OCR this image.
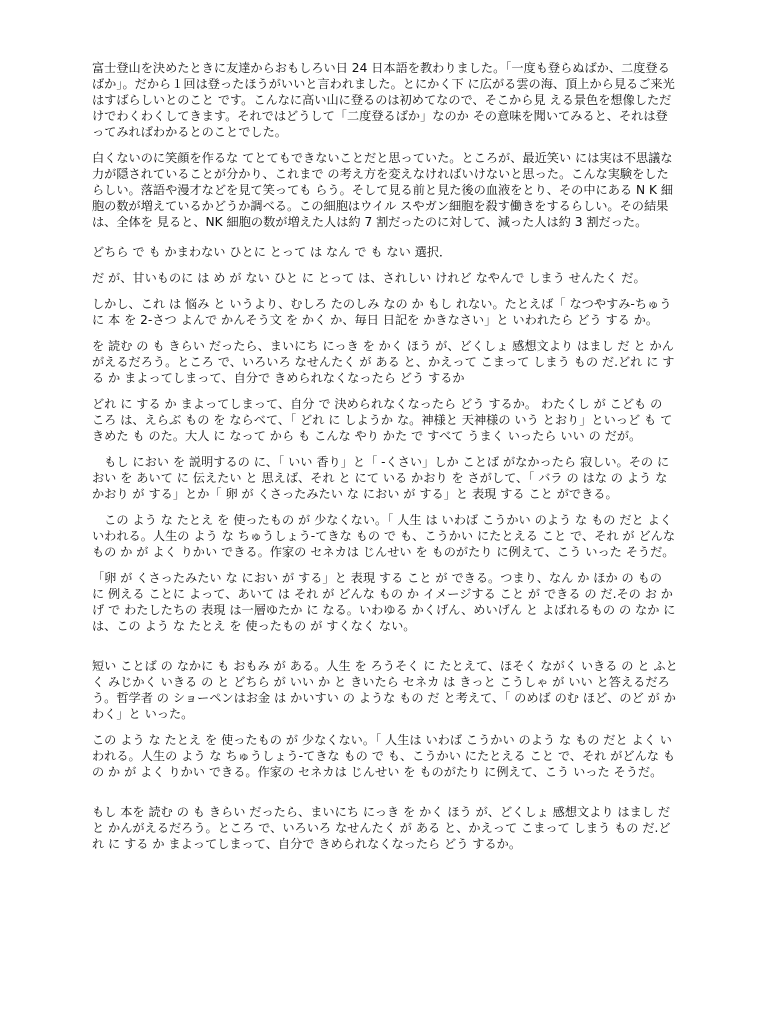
富士登山を決めたときに友達からおもしろい日 24 日本語を教わりました。「一度も登らぬばか、二度登るばか」。だから１回は登ったほうがいいと言われました。とにかく下 に広がる雲の海、頂上から見るご来光はすばらしいとのこと です。こんなに高い山に登るのは初めてなので、そこから見 える景色を想像しただけでわくわくしてきます。それではどうして「二度登るばか」なのか その意味を聞いてみると、それは登ってみればわかるとのことでした。

白くないのに笑顔を作るな てとてもできないことだと思っていた。ところが、最近笑い には実は不思議な力が隠されていることが分かり、これまで の考え方を変えなければいけないと思った。こんな実験をしたらしい。落語や漫才などを見て笑っても らう。そして見る前と見た後の血液をとり、その中にある N K 細胞の数が増えているかどうか調べる。この細胞はウイル スやガン細胞を殺す働きをするらしい。その結果は、全体を 見ると、NK 細胞の数が増えた人は約 7 割だったのに対して、減った人は約 3 割だった。

どちら で も かまわない ひとに とって は なん で も ない 選択．

だ が、甘いものに は め が ない ひと に とって は、されしい けれど なやんで しまう せんたく だ。

しかし、これ は 悩み と いうより、むしろ たのしみ なの か もし れない。たとえば「 なつやすみ-ちゅう に 本 を 2-さつ よんで かんそう文 を かく か、毎日 日記を かきなさい」と いわれたら どう する か。

を 読む の も きらい だったら、まいにち にっき を かく ほう が、どくしょ 感想文より はまし だ と かんがえるだろう。ところ で、いろいろ なせんたく が ある と、かえって こまって しまう もの だ.どれ に する か まよってしまって、自分で きめられなくなったら どう するか

どれ に する か まよってしまって、自分 で 決められなくなったら どう するか。 わたくし が こども の ころ は、えらぶ もの を ならべて、「 どれ に しようか な。神様と 天神様の いう とおり」といっど も てきめた も のた。大人 に なって から も こんな やり かた で すべて うまく いったら いい の だが。

　もし におい を 説明するの に、「 いい 香り」と「 -くさい」しか ことば がなかったら 寂しい。その におい を あいて に 伝えたい と 思えば、それ と にて いる かおり を さがして、「 バラ の はな の よう な かおり が する」とか「 卵 が くさったみたい な におい が する」と 表現 する こと ができる。

　この よう な たとえ を 使ったもの が 少なくない。「 人生 は いわば こうかい のよう な もの だと よく いわれる。人生の よう な ちゅうしょう-てきな もの で も、こうかい にたとえる こと で、それ が どんな もの か が よく りかい できる。作家の セネカは じんせい を ものがたり に例えて、こう いった そうだ。

「卵 が くさったみたい な におい が する」と 表現 する こと が できる。つまり、なん か ほか の もの に 例える ことに よって、あいて は それ が どんな もの か イメージする こと が できる の だ.その お かげ で わたしたちの 表現 は一層ゆたか に なる。いわゆる かくげん、めいげん と よばれるもの の なか に は、この よう な たとえ を 使ったもの が すくなく ない。

短い ことば の なかに も おもみ が ある。人生 を ろうそく に たとえて、ほそく ながく いきる の と ふとく みじかく いきる の と どちら が いい か と きいたら セネカ は きっと こうしゃ が いい と答えるだろう。哲学者 の ショーペンはお金 は かいすい の ような もの だ と考えて、「 のめば のむ ほど、のど が かわく」と いった。

この よう な たとえ を 使ったもの が 少なくない。「 人生は いわば こうかい のよう な もの だと よく いわれる。人生の よう な ちゅうしょう-てきな もの で も、こうかい にたとえる こと で、それ がどんな もの か が よく りかい できる。作家の セネカは じんせい を ものがたり に例えて、こう いった そうだ。

もし 本を 読む の も きらい だったら、まいにち にっき を かく ほう が、どくしょ 感想文より はまし だ と かんがえるだろう。ところ で、いろいろ なせんたく が ある と、かえって こまって しまう もの だ.どれ に する か まよってしまって、自分で きめられなくなったら どう するか。
